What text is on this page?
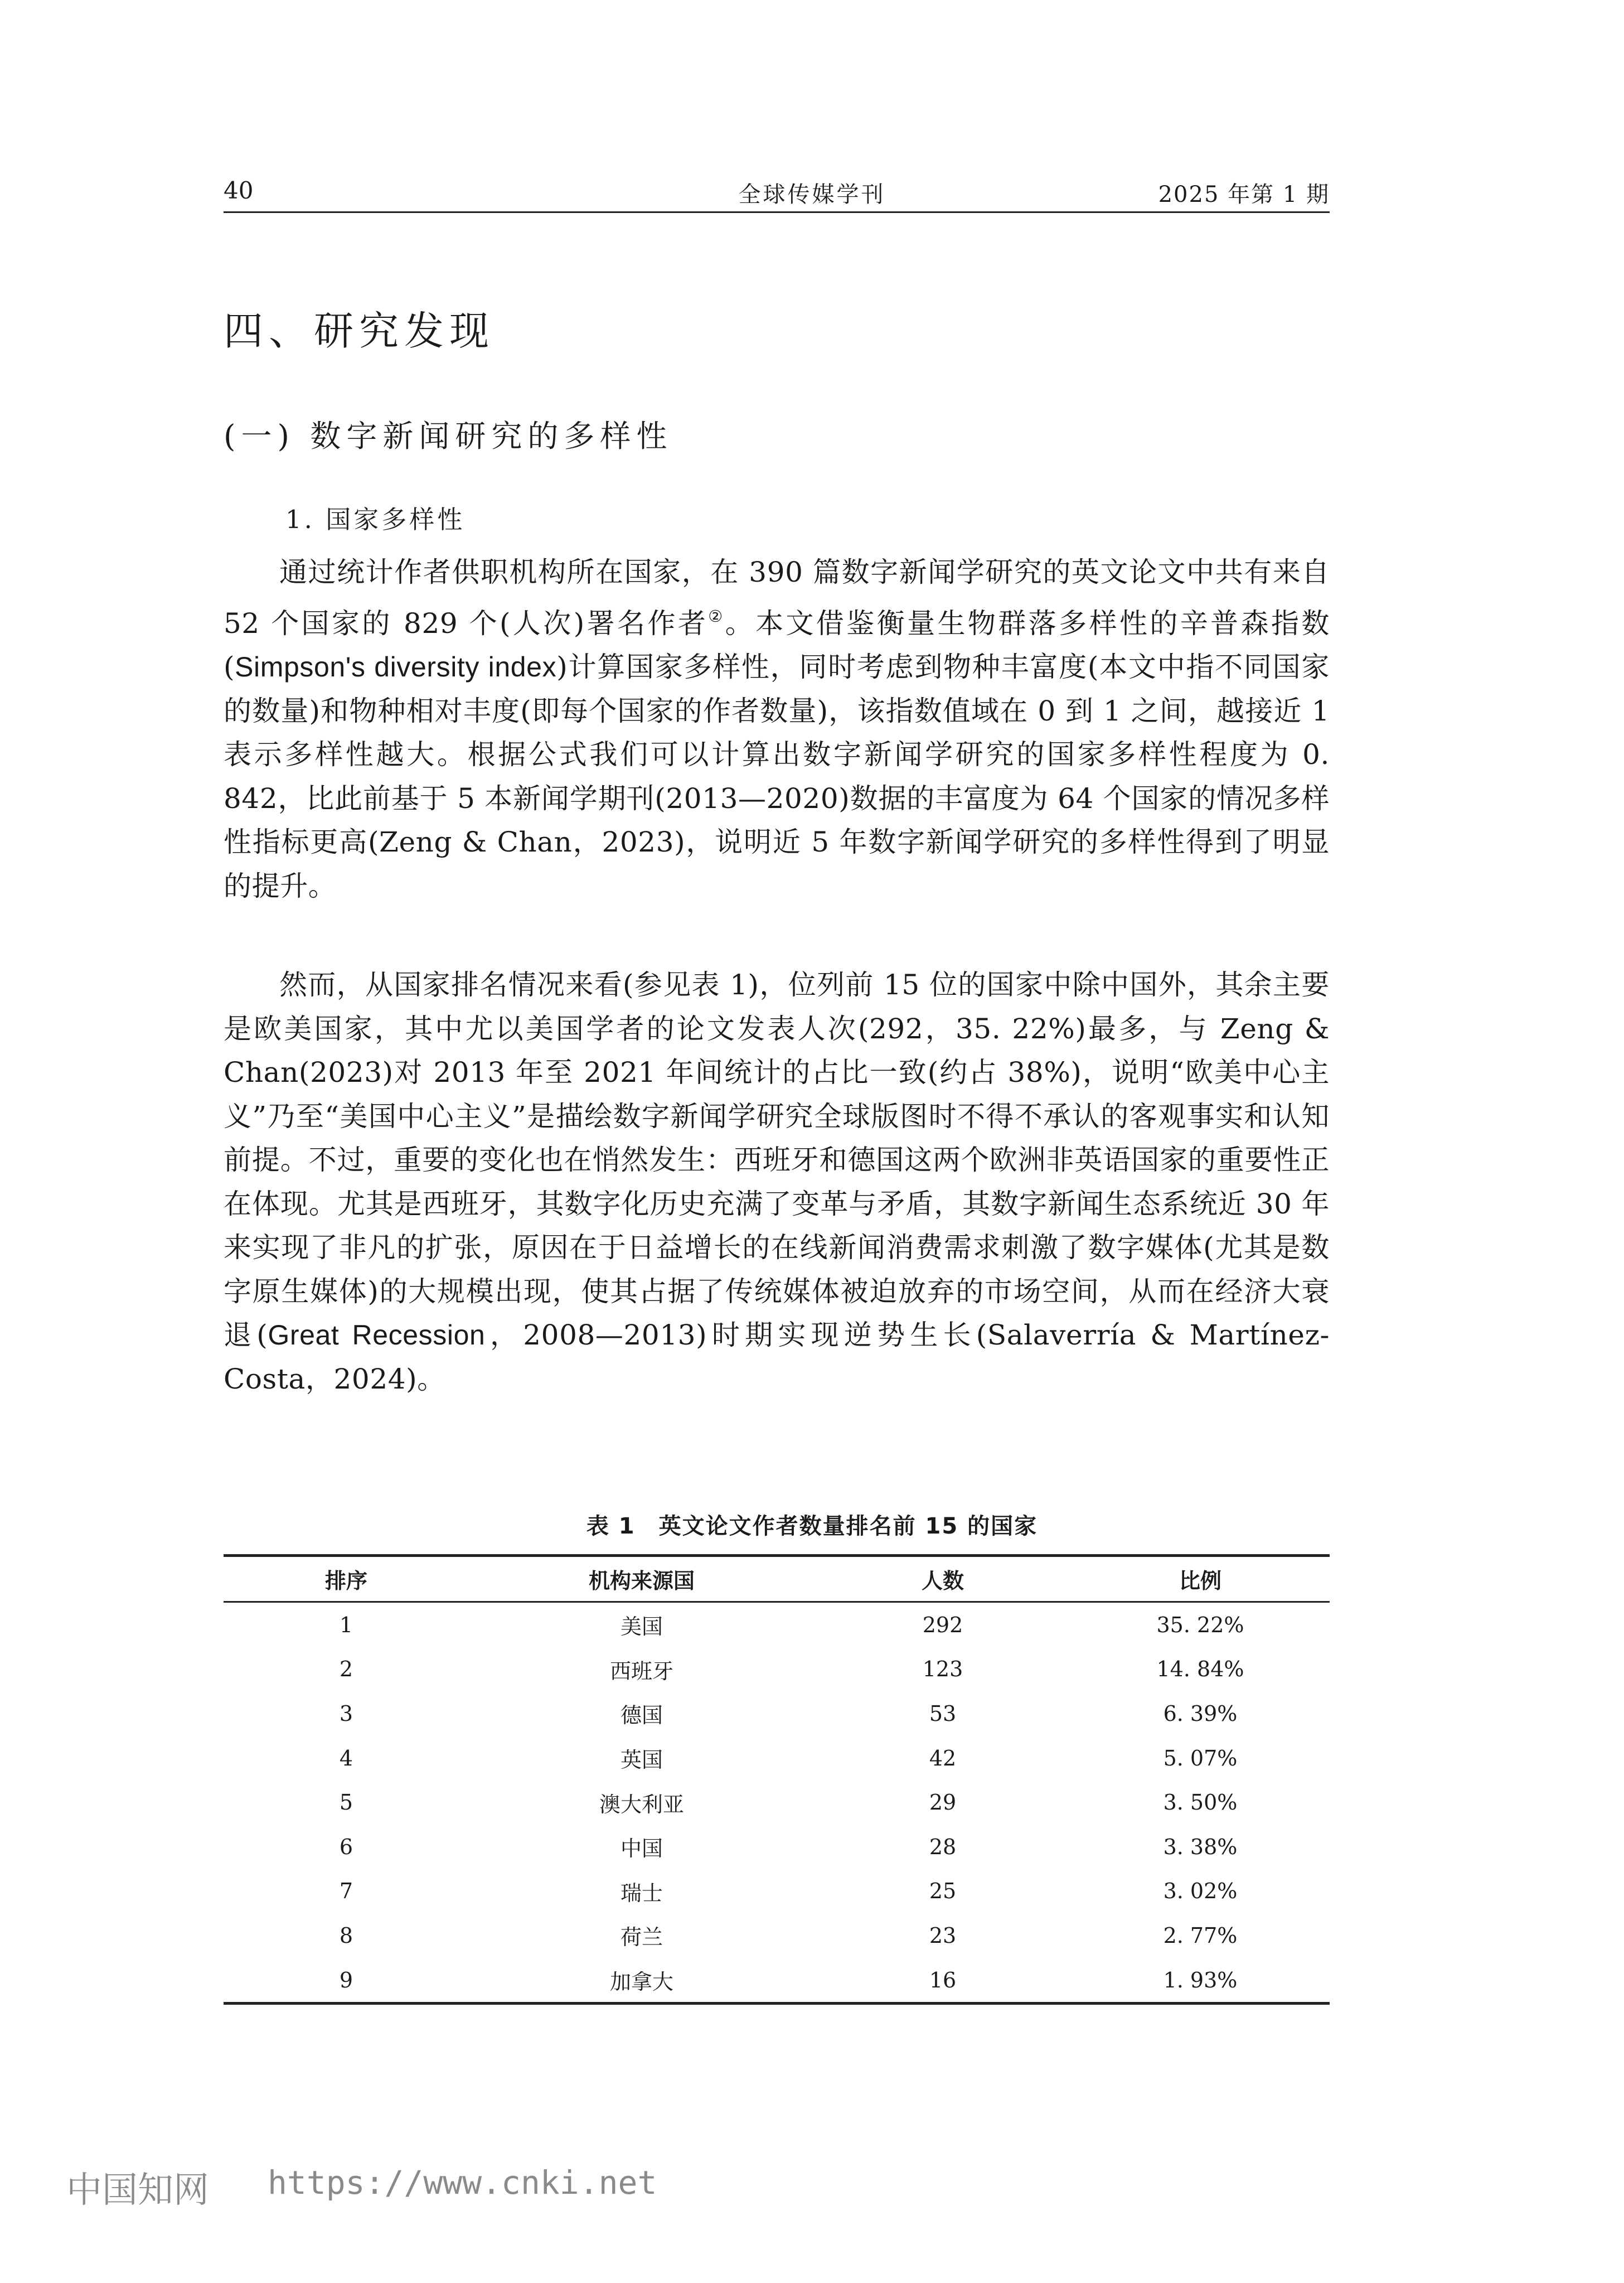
40	全球传媒学刊	2025 年第 1 期
四、研究发现
(一) 数字新闻研究的多样性
1. 国家多样性
通过统计作者供职机构所在国家，在 390 篇数字新闻学研究的英文论文中共有来自 52 个国家的 829 个(人次)署名作者②。本文借鉴衡量生物群落多样性的辛普森指数(Simpson's diversity index)计算国家多样性，同时考虑到物种丰富度(本文中指不同国家的数量)和物种相对丰度(即每个国家的作者数量)，该指数值域在 0 到 1 之间，越接近 1 表示多样性越大。根据公式我们可以计算出数字新闻学研究的国家多样性程度为 0. 842，比此前基于 5 本新闻学期刊(2013—2020)数据的丰富度为 64 个国家的情况多样性指标更高(Zeng & Chan，2023)，说明近 5 年数字新闻学研究的多样性得到了明显的提升。
然而，从国家排名情况来看(参见表 1)，位列前 15 位的国家中除中国外，其余主要是欧美国家，其中尤以美国学者的论文发表人次(292，35. 22%)最多，与 Zeng & Chan(2023)对 2013 年至 2021 年间统计的占比一致(约占 38%)，说明“欧美中心主义”乃至“美国中心主义”是描绘数字新闻学研究全球版图时不得不承认的客观事实和认知前提。不过，重要的变化也在悄然发生：西班牙和德国这两个欧洲非英语国家的重要性正在体现。尤其是西班牙，其数字化历史充满了变革与矛盾，其数字新闻生态系统近 30 年来实现了非凡的扩张，原因在于日益增长的在线新闻消费需求刺激了数字媒体(尤其是数字原生媒体)的大规模出现，使其占据了传统媒体被迫放弃的市场空间，从而在经济大衰退(Great Recession，2008—2013)时期实现逆势生长(Salaverría & Martínez-Costa，2024)。
表 1　英文论文作者数量排名前 15 的国家
排序	机构来源国	人数	比例
1	美国	292	35. 22%
2	西班牙	123	14. 84%
3	德国	53	6. 39%
4	英国	42	5. 07%
5	澳大利亚	29	3. 50%
6	中国	28	3. 38%
7	瑞士	25	3. 02%
8	荷兰	23	2. 77%
9	加拿大	16	1. 93%
中国知网 https://www.cnki.net
